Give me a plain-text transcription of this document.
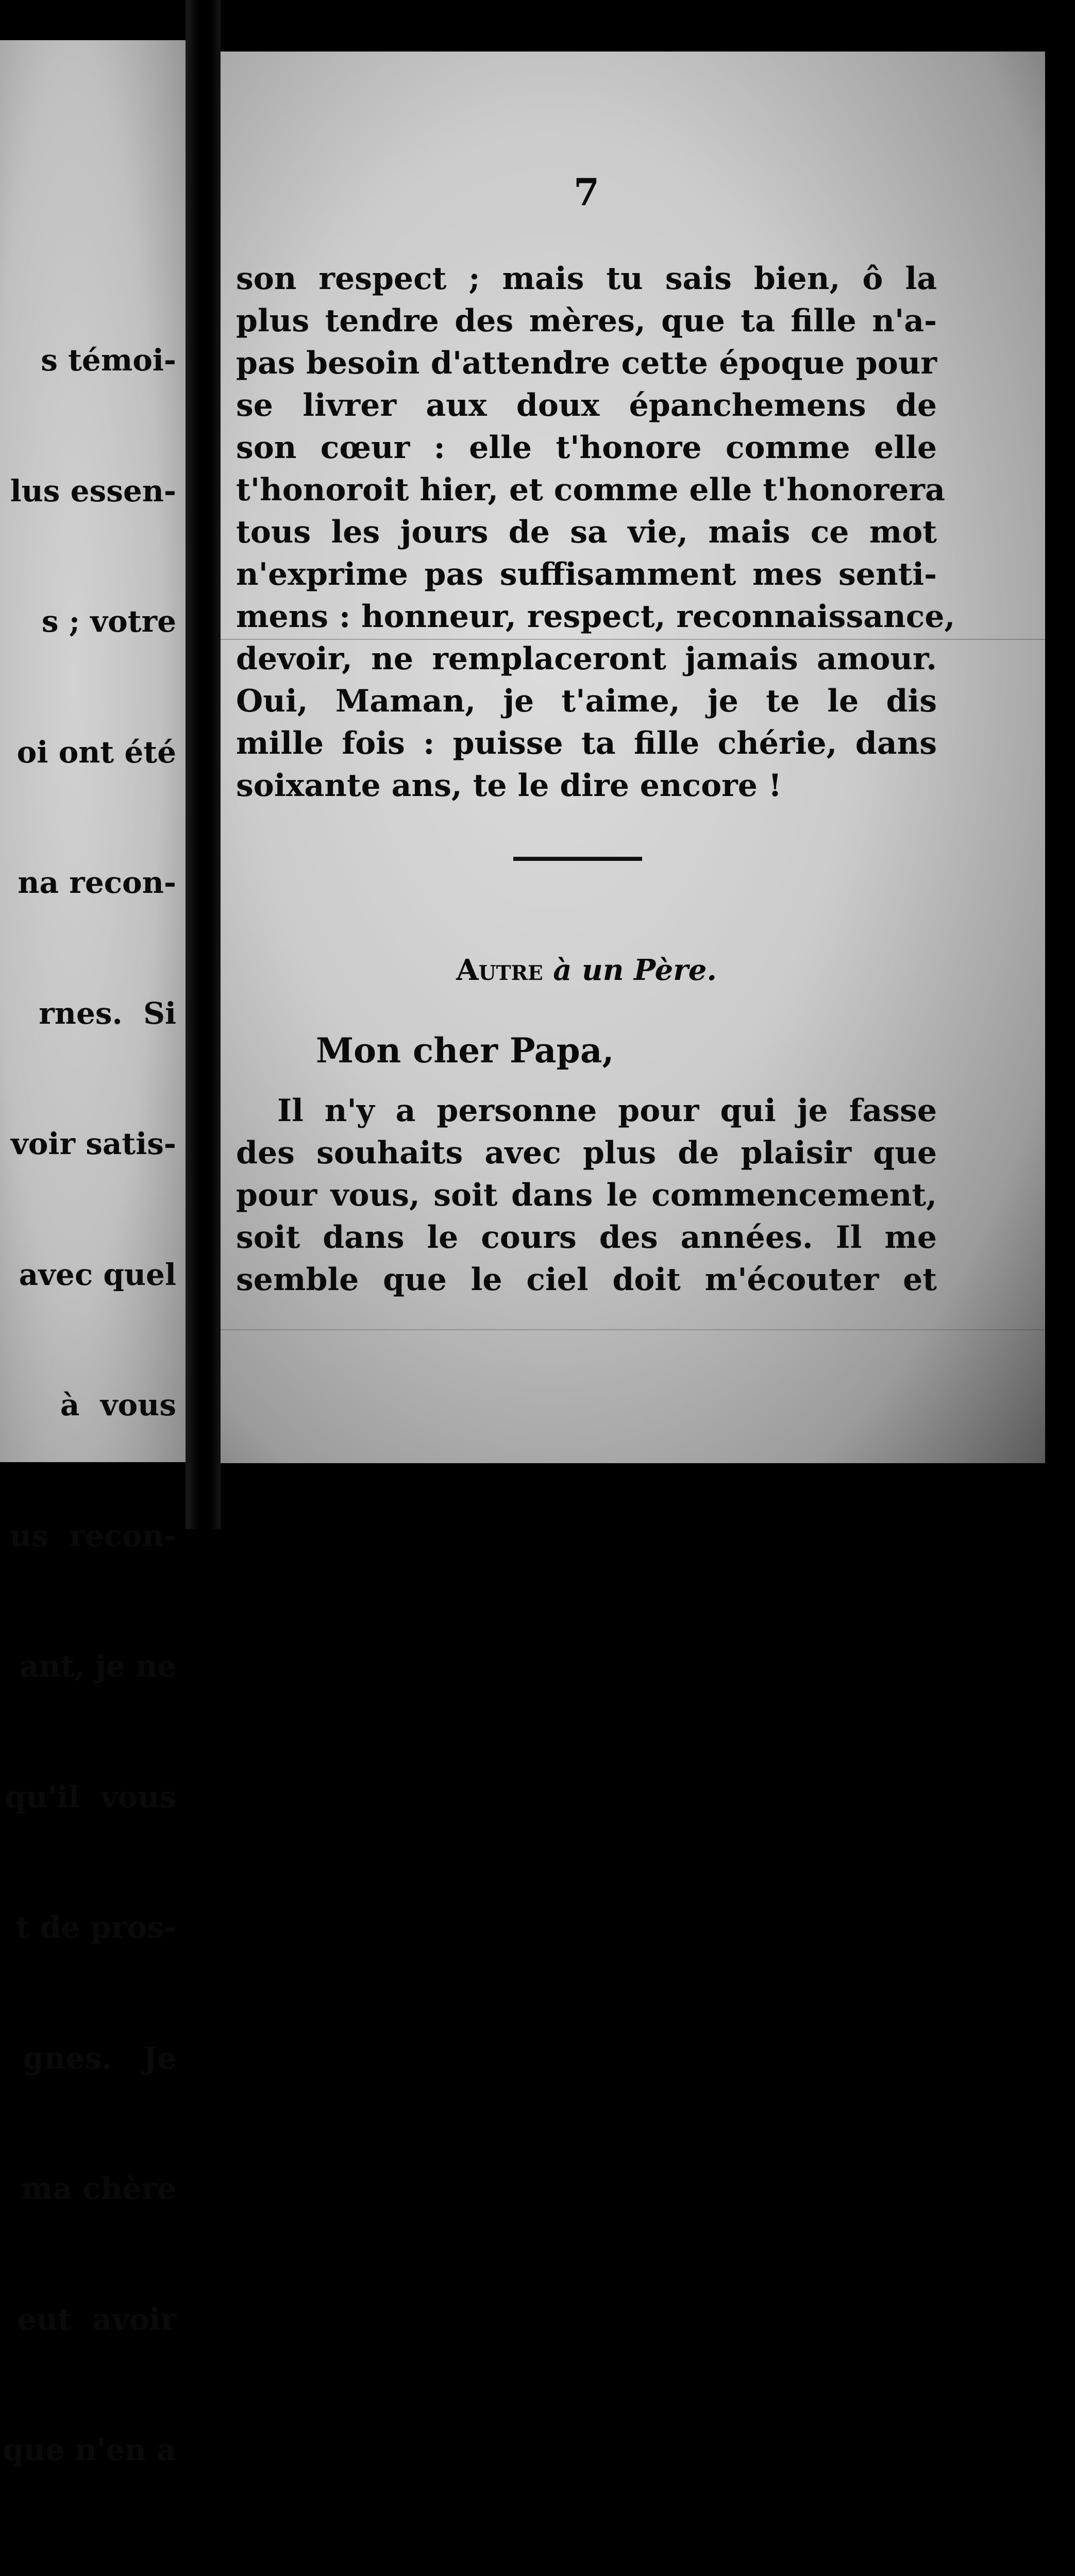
s témoi-

lus essen-

s ; votre

oi ont été

na recon-

rnes.  Si

voir satis-

avec quel

à  vous

us  recon-

ant, je ne

qu'il  vous

t de pros-

gnes.   Je

ma chère

eut  avoir

que n'en a

7
son respect ; mais tu sais bien, ô la
plus tendre des mères, que ta fille n'a-
pas besoin d'attendre cette époque pour
se livrer aux doux épanchemens de
son cœur : elle t'honore comme elle
t'honoroit hier, et comme elle t'honorera
tous les jours de sa vie, mais ce mot
n'exprime pas suffisamment mes senti-
mens : honneur, respect, reconnaissance,
devoir, ne remplaceront jamais amour.
Oui, Maman, je t'aime, je te le dis
mille fois : puisse ta fille chérie, dans
soixante ans, te le dire encore !
Autre à un Père.
Mon cher Papa,
Il n'y a personne pour qui je fasse
des souhaits avec plus de plaisir que
pour vous, soit dans le commencement,
soit dans le cours des années. Il me
semble que le ciel doit m'écouter et
